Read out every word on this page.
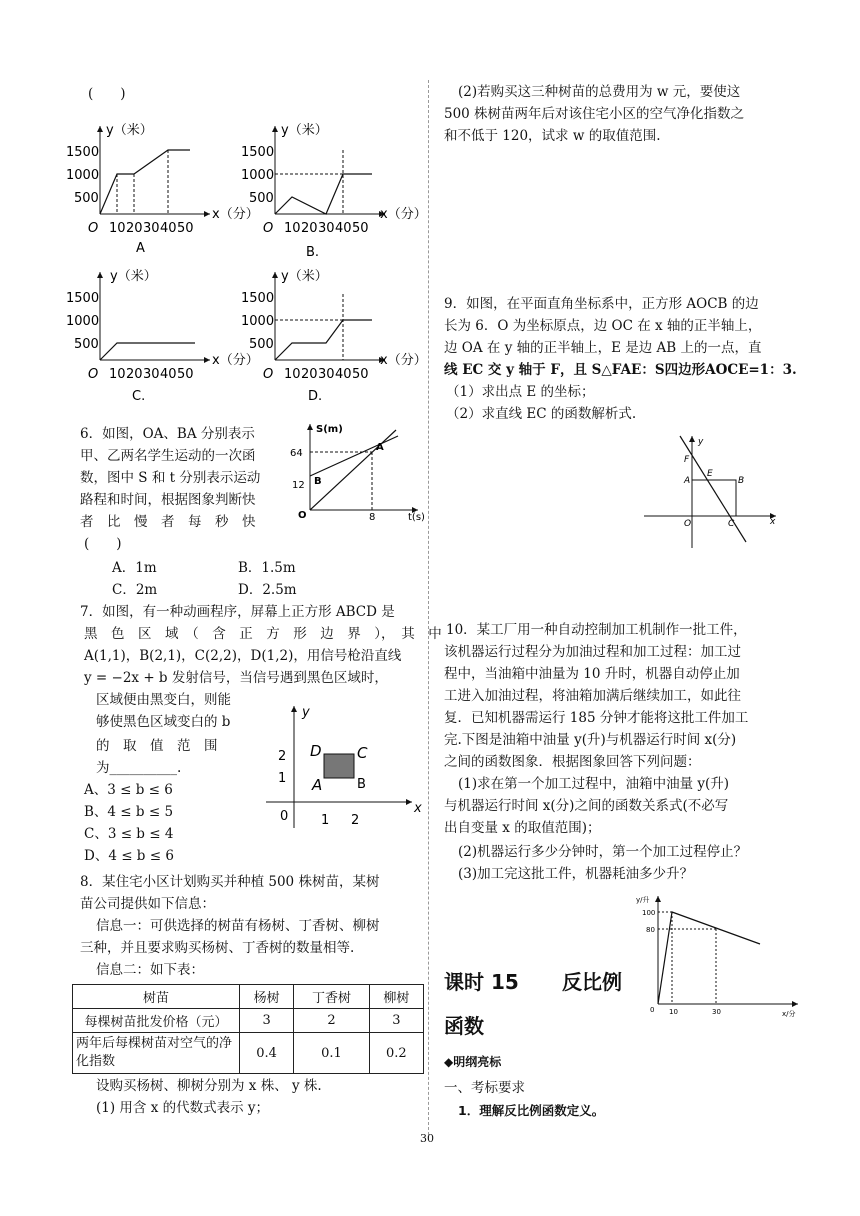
(　　)
y（米）
1500
1000
500
O 10 20 30 40 50
x（分）
A
y（米）
1500
1000
500
O 10 20 30 40 50
x（分）
B.
y（米）
1500
1000
500
O 10 20 30 40 50
x（分）
C.
y（米）
1500
1000
500
O 10 20 30 40 50
x（分）
D.
6．如图，OA、BA 分别表示
甲、乙两名学生运动的一次函
数，图中 S 和 t 分别表示运动
路程和时间，根据图象判断快
者　比　慢　者　每　秒　快
(　　)
A．1m	B．1.5m
C．2m	D．2.5m
S(m)
64
12 B
A
O	8	t(s)
7．如图，有一种动画程序，屏幕上正方形 ABCD 是
黑　色　区　域　（　含　正　方　形　边　界　），　其　中
A(1,1)，B(2,1)，C(2,2)，D(1,2)，用信号枪沿直线
y = −2x + b 发射信号，当信号遇到黑色区域时，
区域便由黑变白，则能
够使黑色区域变白的 b
的　取　值　范　围
为__________.
A、3 ≤ b ≤ 6
B、4 ≤ b ≤ 5
C、3 ≤ b ≤ 4
D、4 ≤ b ≤ 6
y
x
2
1
0	1 2
D C
A	B
8．某住宅小区计划购买并种植 500 株树苗，某树
苗公司提供如下信息：
信息一：可供选择的树苗有杨树、丁香树、柳树
三种，并且要求购买杨树、丁香树的数量相等.
信息二：如下表：
树苗	杨树	丁香树	柳树
每棵树苗批发价格（元）	3	2	3
两年后每棵树苗对空气的净化指数	0.4	0.1	0.2
设购买杨树、柳树分别为 x 株、 y 株.
(1) 用含 x 的代数式表示 y；
(2)若购买这三种树苗的总费用为 w 元，要使这
500 株树苗两年后对该住宅小区的空气净化指数之
和不低于 120，试求 w 的取值范围.
9．如图，在平面直角坐标系中，正方形 AOCB 的边
长为 6．O 为坐标原点，边 OC 在 x 轴的正半轴上，
边 OA 在 y 轴的正半轴上，E 是边 AB 上的一点，直
线 EC 交 y 轴于 F，且 S△FAE：S四边形AOCE=1：3.
（1）求出点 E 的坐标；
（2）求直线 EC 的函数解析式.
y
F
A
E
B
O	C	x
10．某工厂用一种自动控制加工机制作一批工件，
该机器运行过程分为加油过程和加工过程：加工过
程中，当油箱中油量为 10 升时，机器自动停止加
工进入加油过程，将油箱加满后继续加工，如此往
复．已知机器需运行 185 分钟才能将这批工件加工
完.下图是油箱中油量 y(升)与机器运行时间 x(分)
之间的函数图象．根据图象回答下列问题：
(1)求在第一个加工过程中，油箱中油量 y(升)
与机器运行时间 x(分)之间的函数关系式(不必写
出自变量 x 的取值范围)；
(2)机器运行多少分钟时，第一个加工过程停止？
(3)加工完这批工件，机器耗油多少升？
y/升
100
80
0 10	30	x/分
课时 15 反比例
函数
◆明纲亮标
一、考标要求
1．理解反比例函数定义。
30
